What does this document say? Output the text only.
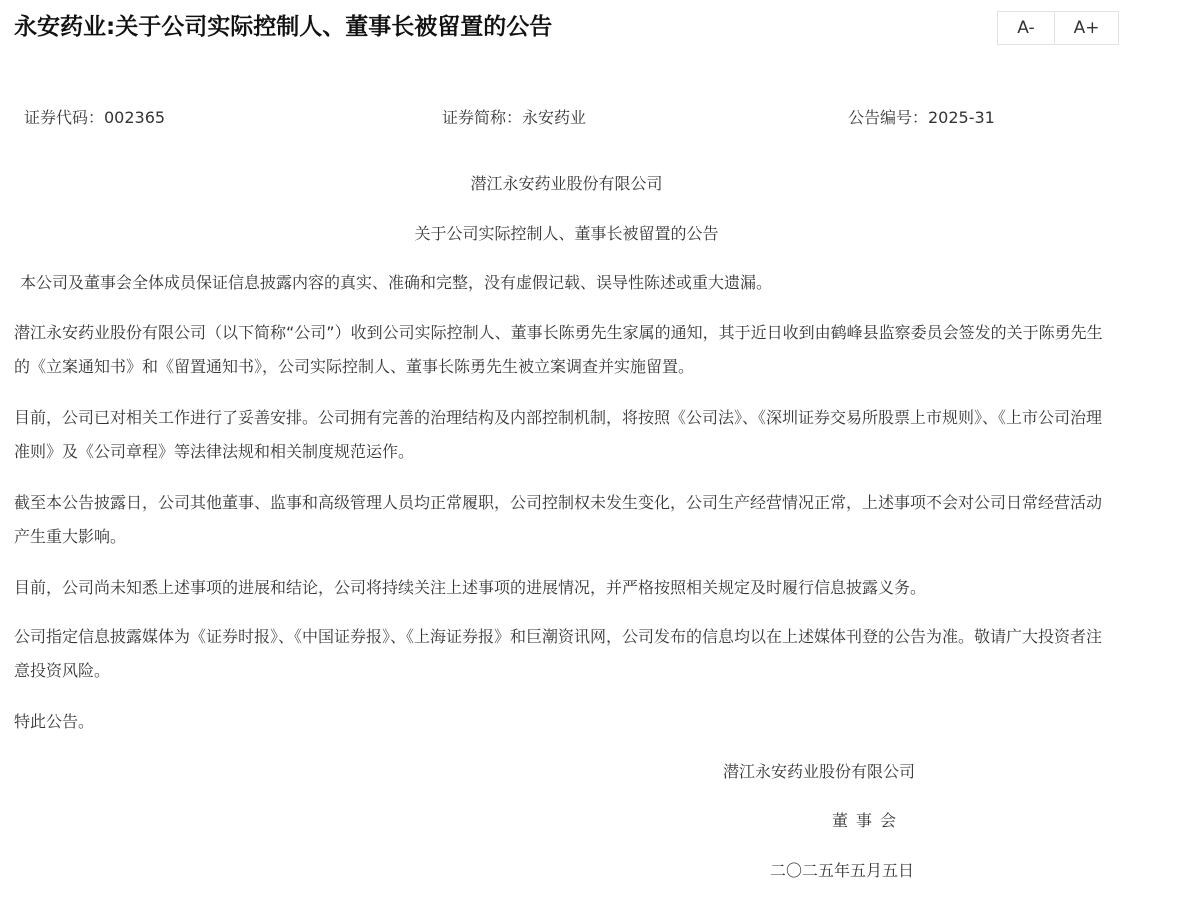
永安药业:关于公司实际控制人、董事长被留置的公告	A-	A+
证券代码：002365	证券简称：永安药业	公告编号：2025-31
潜江永安药业股份有限公司
关于公司实际控制人、董事长被留置的公告

本公司及董事会全体成员保证信息披露内容的真实、准确和完整，没有虚假记载、误导性陈述或重大遗漏。

潜江永安药业股份有限公司（以下简称“公司”）收到公司实际控制人、董事长陈勇先生家属的通知，其于近日收到由鹤峰县监察委员会签发的关于陈勇先生的《立案通知书》和《留置通知书》，公司实际控制人、董事长陈勇先生被立案调查并实施留置。

目前，公司已对相关工作进行了妥善安排。公司拥有完善的治理结构及内部控制机制，将按照《公司法》、《深圳证券交易所股票上市规则》、《上市公司治理准则》及《公司章程》等法律法规和相关制度规范运作。

截至本公告披露日，公司其他董事、监事和高级管理人员均正常履职，公司控制权未发生变化，公司生产经营情况正常，上述事项不会对公司日常经营活动产生重大影响。

目前，公司尚未知悉上述事项的进展和结论，公司将持续关注上述事项的进展情况，并严格按照相关规定及时履行信息披露义务。

公司指定信息披露媒体为《证券时报》、《中国证券报》、《上海证券报》和巨潮资讯网，公司发布的信息均以在上述媒体刊登的公告为准。敬请广大投资者注意投资风险。

特此公告。

潜江永安药业股份有限公司
董事会
二〇二五年五月五日
